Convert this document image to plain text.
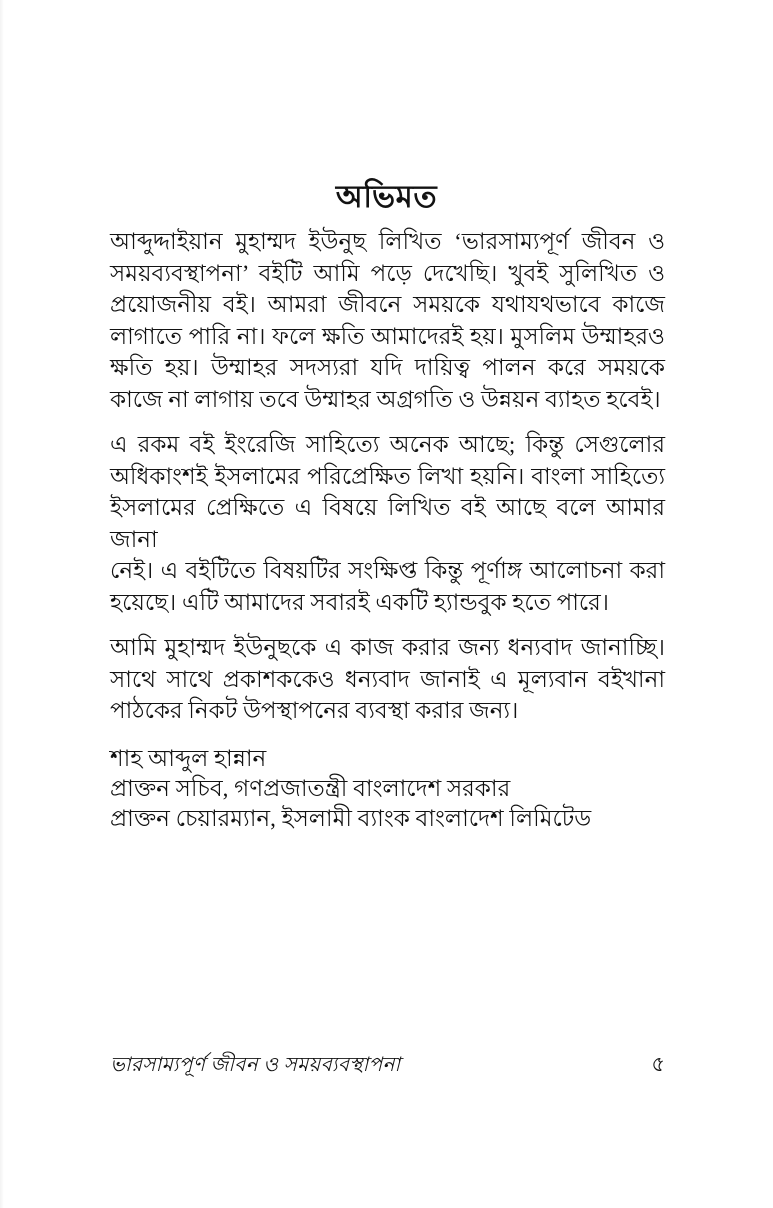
অভিমত
আব্দুদ্দাইয়ান মুহাম্মদ ইউনুছ লিখিত ‘ভারসাম্যপূর্ণ জীবন ও
সময়ব্যবস্থাপনা’ বইটি আমি পড়ে দেখেছি। খুবই সুলিখিত ও
প্রয়োজনীয় বই। আমরা জীবনে সময়কে যথাযথভাবে কাজে
লাগাতে পারি না। ফলে ক্ষতি আমাদেরই হয়। মুসলিম উম্মাহরও
ক্ষতি হয়। উম্মাহর সদস্যরা যদি দায়িত্ব পালন করে সময়কে
কাজে না লাগায় তবে উম্মাহর অগ্রগতি ও উন্নয়ন ব্যাহত হবেই।
এ রকম বই ইংরেজি সাহিত্যে অনেক আছে; কিন্তু সেগুলোর
অধিকাংশই ইসলামের পরিপ্রেক্ষিত লিখা হয়নি। বাংলা সাহিত্যে
ইসলামের প্রেক্ষিতে এ বিষয়ে লিখিত বই আছে বলে আমার জানা
নেই। এ বইটিতে বিষয়টির সংক্ষিপ্ত কিন্তু পূর্ণাঙ্গ আলোচনা করা
হয়েছে। এটি আমাদের সবারই একটি হ্যান্ডবুক হতে পারে।
আমি মুহাম্মদ ইউনুছকে এ কাজ করার জন্য ধন্যবাদ জানাচ্ছি।
সাথে সাথে প্রকাশককেও ধন্যবাদ জানাই এ মূল্যবান বইখানা
পাঠকের নিকট উপস্থাপনের ব্যবস্থা করার জন্য।
শাহ আব্দুল হান্নান
প্রাক্তন সচিব, গণপ্রজাতন্ত্রী বাংলাদেশ সরকার
প্রাক্তন চেয়ারম্যান, ইসলামী ব্যাংক বাংলাদেশ লিমিটেড
ভারসাম্যপূর্ণ জীবন ও সময়ব্যবস্থাপনা	৫
